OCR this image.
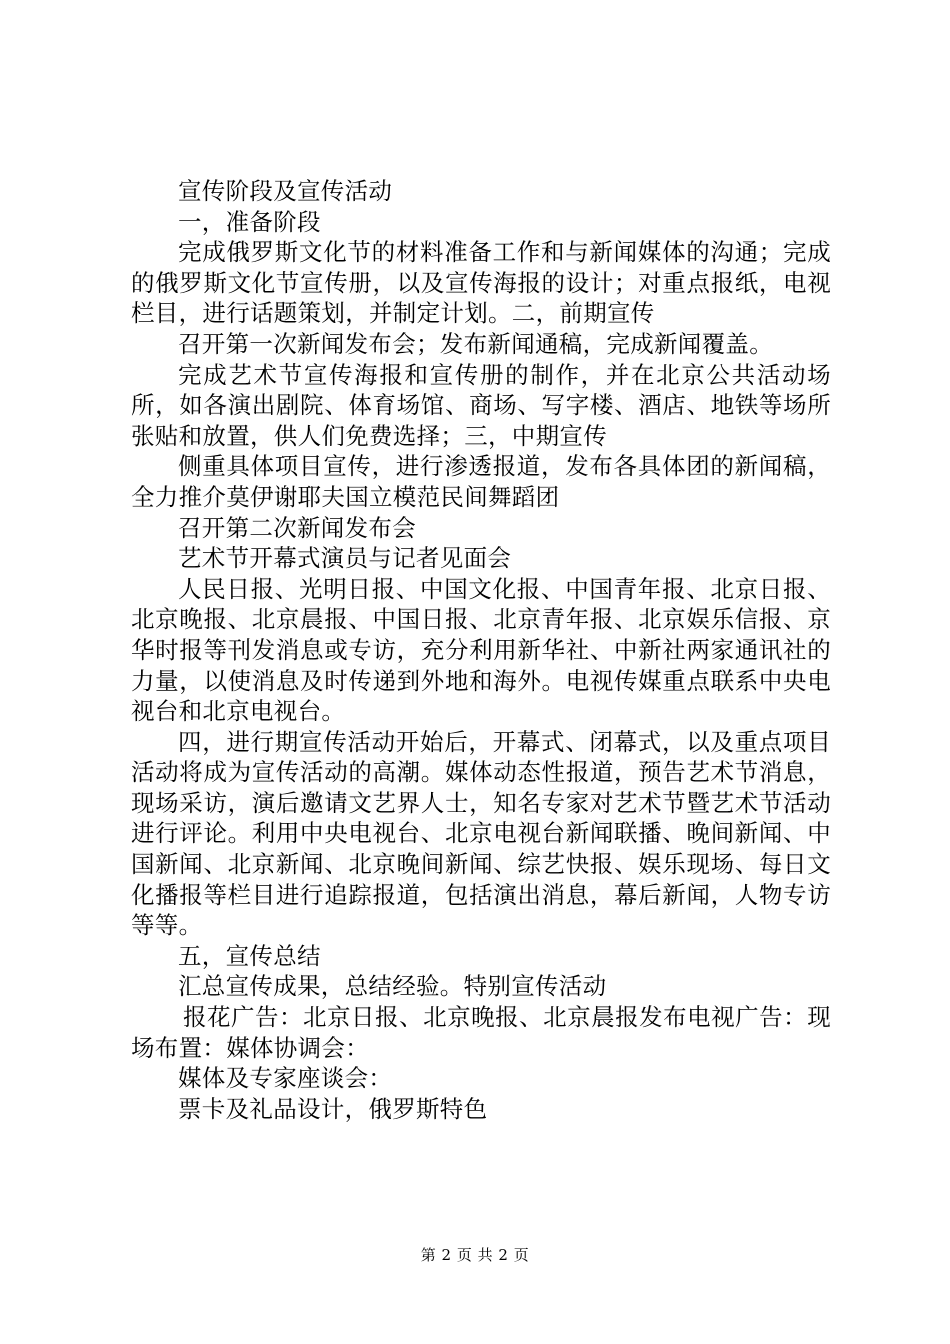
宣传阶段及宣传活动

一，准备阶段

完成俄罗斯文化节的材料准备工作和与新闻媒体的沟通；完成的俄罗斯文化节宣传册，以及宣传海报的设计；对重点报纸，电视栏目，进行话题策划，并制定计划。二，前期宣传

召开第一次新闻发布会；发布新闻通稿，完成新闻覆盖。

完成艺术节宣传海报和宣传册的制作，并在北京公共活动场所，如各演出剧院、体育场馆、商场、写字楼、酒店、地铁等场所张贴和放置，供人们免费选择；三，中期宣传

侧重具体项目宣传，进行渗透报道，发布各具体团的新闻稿，全力推介莫伊谢耶夫国立模范民间舞蹈团

召开第二次新闻发布会

艺术节开幕式演员与记者见面会

人民日报、光明日报、中国文化报、中国青年报、北京日报、北京晚报、北京晨报、中国日报、北京青年报、北京娱乐信报、京华时报等刊发消息或专访，充分利用新华社、中新社两家通讯社的力量，以使消息及时传递到外地和海外。电视传媒重点联系中央电视台和北京电视台。

四，进行期宣传活动开始后，开幕式、闭幕式，以及重点项目活动将成为宣传活动的高潮。媒体动态性报道，预告艺术节消息，现场采访，演后邀请文艺界人士，知名专家对艺术节暨艺术节活动进行评论。利用中央电视台、北京电视台新闻联播、晚间新闻、中国新闻、北京新闻、北京晚间新闻、综艺快报、娱乐现场、每日文化播报等栏目进行追踪报道，包括演出消息，幕后新闻，人物专访等等。

五，宣传总结

汇总宣传成果，总结经验。特别宣传活动

报花广告：北京日报、北京晚报、北京晨报发布电视广告：现场布置：媒体协调会：

媒体及专家座谈会：

票卡及礼品设计，俄罗斯特色

第 2 页 共 2 页
